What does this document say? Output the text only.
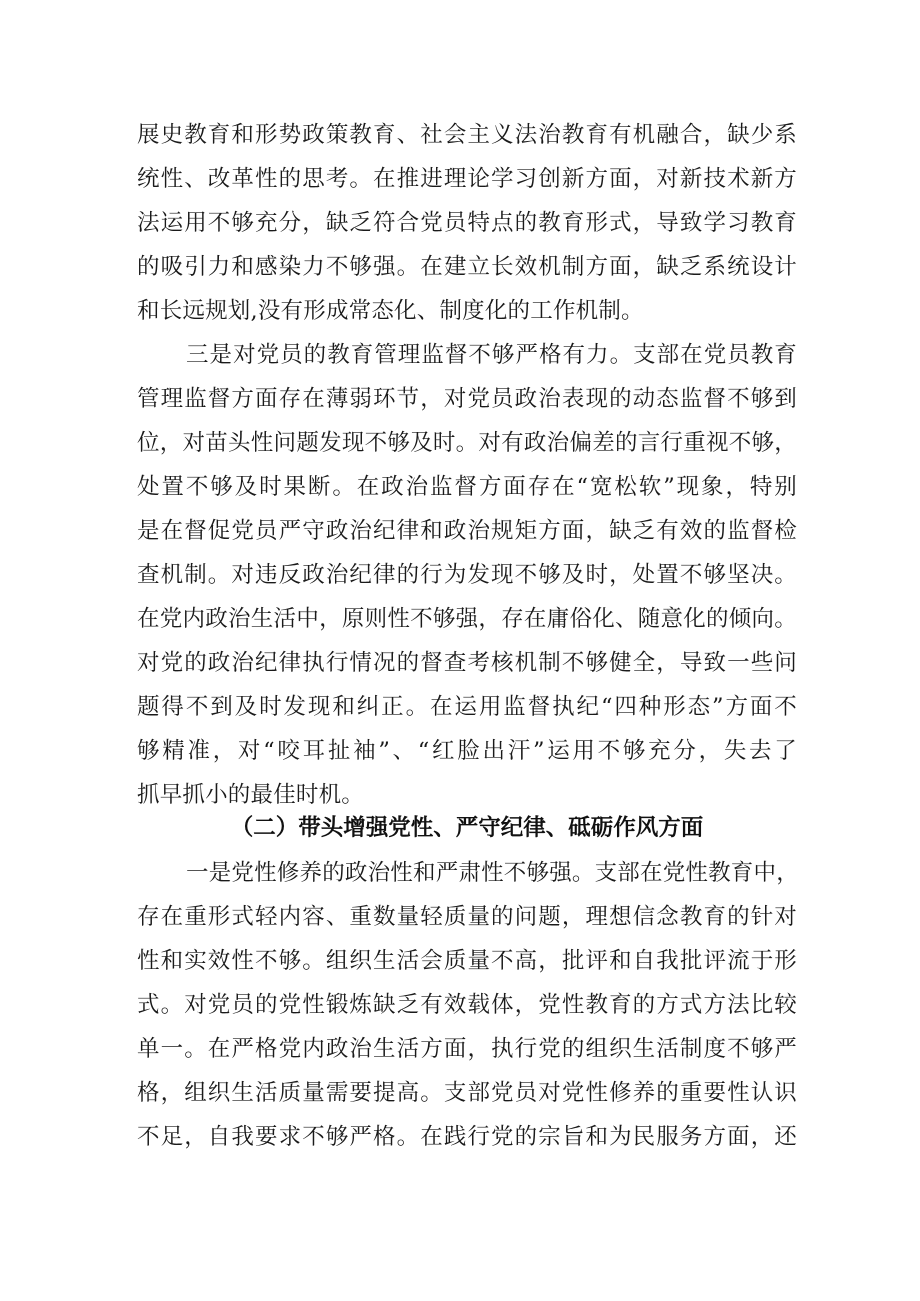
展史教育和形势政策教育、社会主义法治教育有机融合，缺少系
统性、改革性的思考。在推进理论学习创新方面，对新技术新方
法运用不够充分，缺乏符合党员特点的教育形式，导致学习教育
的吸引力和感染力不够强。在建立长效机制方面，缺乏系统设计
和长远规划,没有形成常态化、制度化的工作机制。
三是对党员的教育管理监督不够严格有力。支部在党员教育
管理监督方面存在薄弱环节，对党员政治表现的动态监督不够到
位，对苗头性问题发现不够及时。对有政治偏差的言行重视不够，
处置不够及时果断。在政治监督方面存在“宽松软”现象，特别
是在督促党员严守政治纪律和政治规矩方面，缺乏有效的监督检
查机制。对违反政治纪律的行为发现不够及时，处置不够坚决。
在党内政治生活中，原则性不够强，存在庸俗化、随意化的倾向。
对党的政治纪律执行情况的督查考核机制不够健全，导致一些问
题得不到及时发现和纠正。在运用监督执纪“四种形态”方面不
够精准，对“咬耳扯袖”、“红脸出汗”运用不够充分，失去了
抓早抓小的最佳时机。
（二）带头增强党性、严守纪律、砥砺作风方面
一是党性修养的政治性和严肃性不够强。支部在党性教育中，
存在重形式轻内容、重数量轻质量的问题，理想信念教育的针对
性和实效性不够。组织生活会质量不高，批评和自我批评流于形
式。对党员的党性锻炼缺乏有效载体，党性教育的方式方法比较
单一。在严格党内政治生活方面，执行党的组织生活制度不够严
格，组织生活质量需要提高。支部党员对党性修养的重要性认识
不足，自我要求不够严格。在践行党的宗旨和为民服务方面，还
